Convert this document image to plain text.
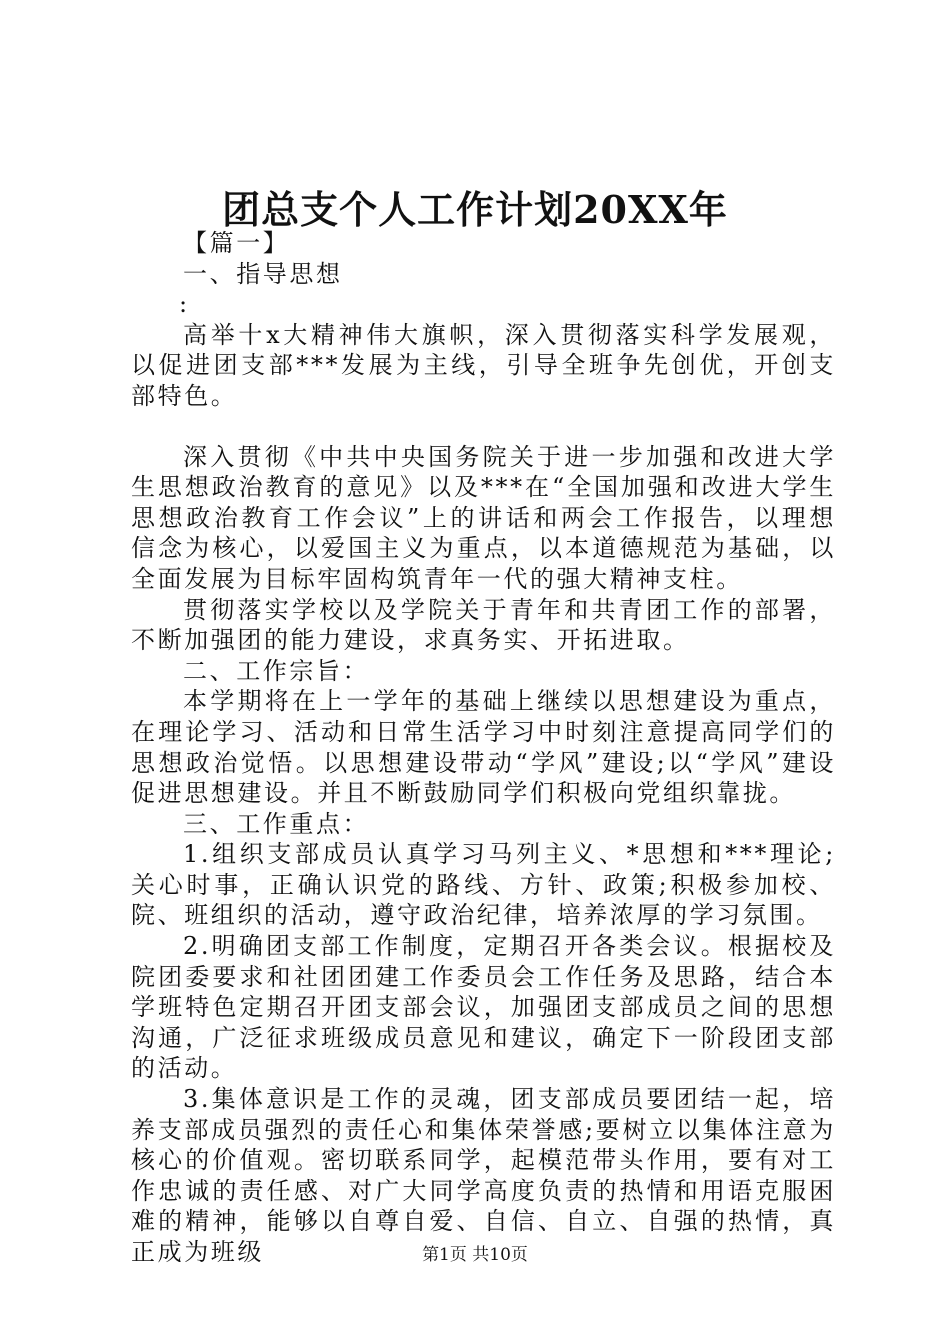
团总支个人工作计划20XX年

【篇一】

一、指导思想

:

高举十x大精神伟大旗帜，深入贯彻落实科学发展观，以促进团支部***发展为主线，引导全班争先创优，开创支部特色。

深入贯彻《中共中央国务院关于进一步加强和改进大学生思想政治教育的意见》以及***在“全国加强和改进大学生思想政治教育工作会议”上的讲话和两会工作报告，以理想信念为核心，以爱国主义为重点，以本道德规范为基础，以全面发展为目标牢固构筑青年一代的强大精神支柱。

贯彻落实学校以及学院关于青年和共青团工作的部署，不断加强团的能力建设，求真务实、开拓进取。

二、工作宗旨：

本学期将在上一学年的基础上继续以思想建设为重点，在理论学习、活动和日常生活学习中时刻注意提高同学们的思想政治觉悟。以思想建设带动“学风”建设;以“学风”建设促进思想建设。并且不断鼓励同学们积极向党组织靠拢。

三、工作重点：

1.组织支部成员认真学习马列主义、*思想和***理论;关心时事，正确认识党的路线、方针、政策;积极参加校、院、班组织的活动，遵守政治纪律，培养浓厚的学习氛围。

2.明确团支部工作制度，定期召开各类会议。根据校及院团委要求和社团团建工作委员会工作任务及思路，结合本学班特色定期召开团支部会议，加强团支部成员之间的思想沟通，广泛征求班级成员意见和建议，确定下一阶段团支部的活动。

3.集体意识是工作的灵魂，团支部成员要团结一起，培养支部成员强烈的责任心和集体荣誉感;要树立以集体注意为核心的价值观。密切联系同学，起模范带头作用，要有对工作忠诚的责任感、对广大同学高度负责的热情和用语克服困难的精神，能够以自尊自爱、自信、自立、自强的热情，真正成为班级	第1页 共10页
